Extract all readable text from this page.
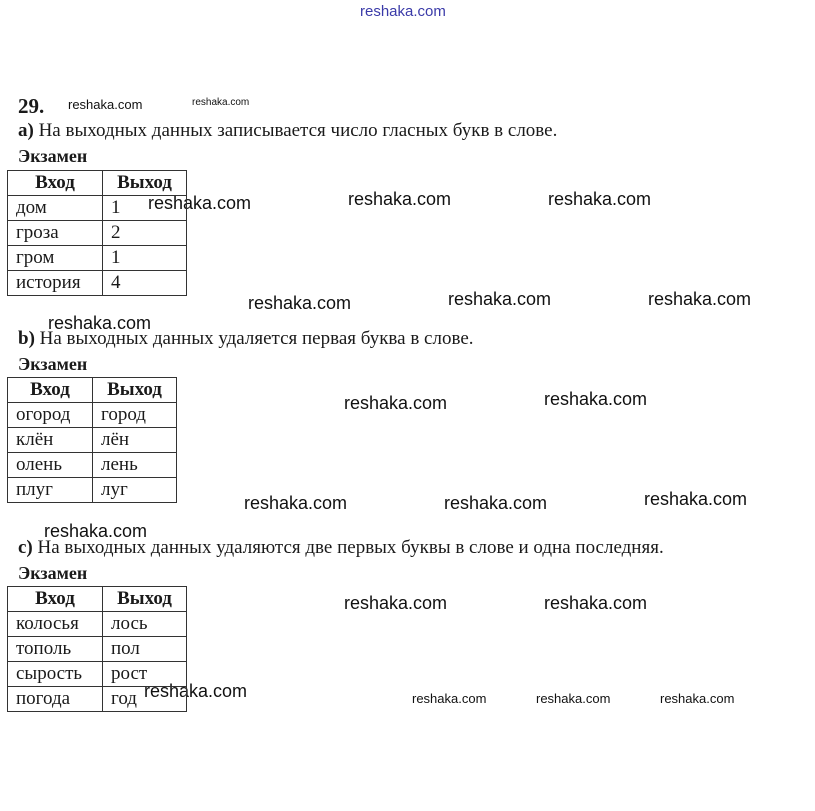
reshaka.com
reshaka.com	reshaka.com
reshaka.com	reshaka.com	reshaka.com
reshaka.com	reshaka.com	reshaka.com
reshaka.com
reshaka.com	reshaka.com
reshaka.com	reshaka.com	reshaka.com
reshaka.com
reshaka.com	reshaka.com
reshaka.com	reshaka.com	reshaka.com	reshaka.com
29.
a) На выходных данных записывается число гласных букв в слове.
Экзамен
Вход	Выход
дом	1
гроза	2
гром	1
история	4
b) На выходных данных удаляется первая буква в слове.
Экзамен
Вход	Выход
огород	город
клён	лён
олень	лень
плуг	луг
c) На выходных данных удаляются две первых буквы в слове и одна последняя.
Экзамен
Вход	Выход
колосья	лось
тополь	пол
сырость	рост
погода	год
